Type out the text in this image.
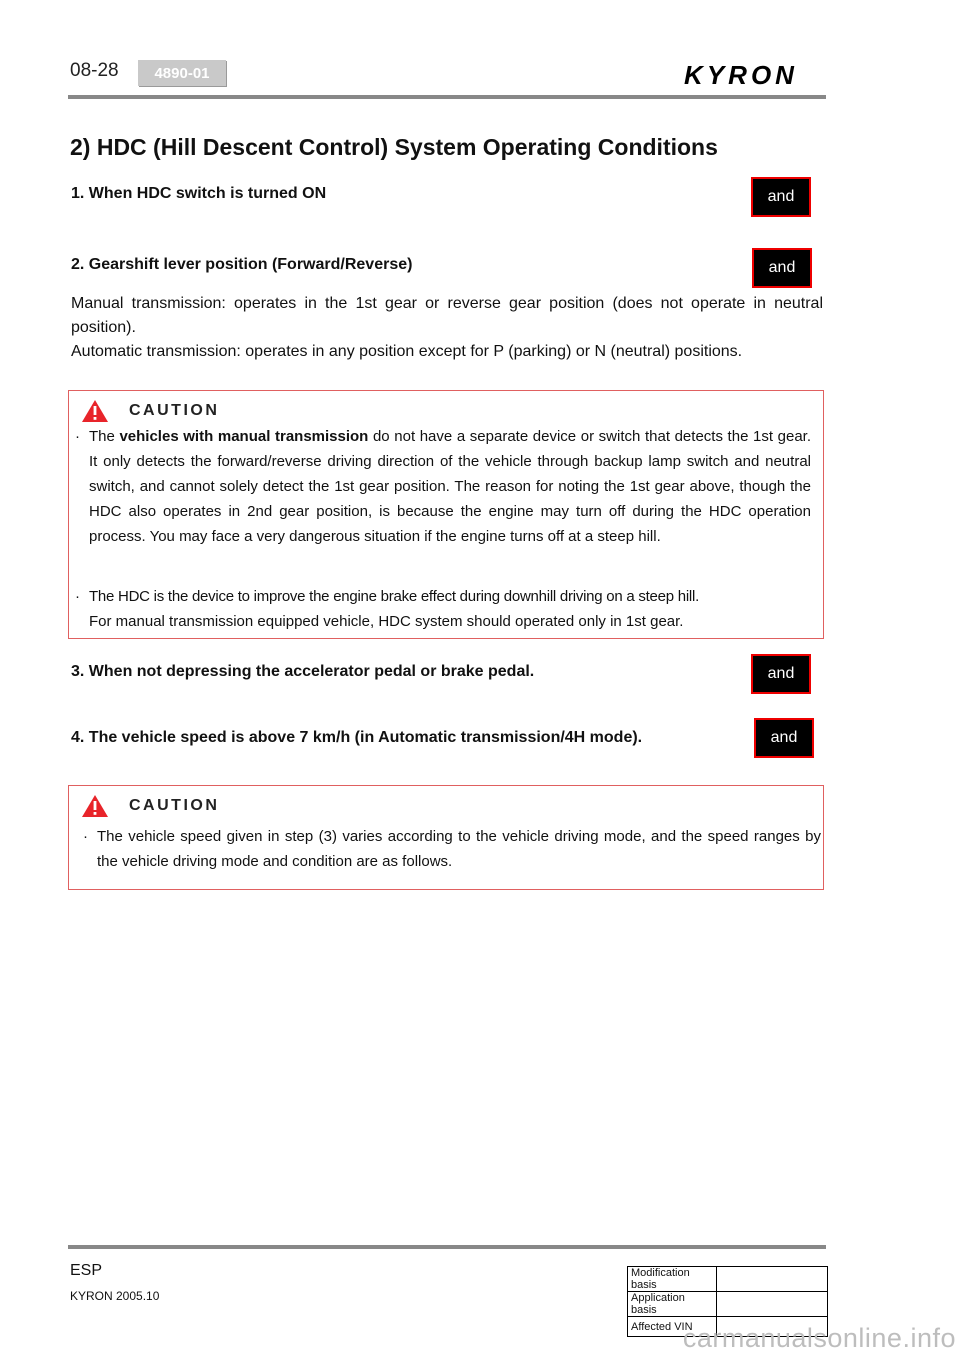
08-28	4890-01	KYRON
2) HDC (Hill Descent Control) System Operating Conditions
1. When HDC switch is turned ON	and
2. Gearshift lever position (Forward/Reverse)	and

Manual transmission: operates in the 1st gear or reverse gear position (does not operate in neutral position).

Automatic transmission: operates in any position except for P (parking) or N (neutral) positions.

CAUTION
· The vehicles with manual transmission do not have a separate device or switch that detects the 1st gear. It only detects the forward/reverse driving direction of the vehicle through backup lamp switch and neutral switch, and cannot solely detect the 1st gear position. The reason for noting the 1st gear above, though the HDC also operates in 2nd gear position, is because the engine may turn off during the HDC operation process. You may face a very dangerous situation if the engine turns off at a steep hill.
· The HDC is the device to improve the engine brake effect during downhill driving on a steep hill.
For manual transmission equipped vehicle, HDC system should operated only in 1st gear.
3. When not depressing the accelerator pedal or brake pedal.	and
4. The vehicle speed is above 7 km/h (in Automatic transmission/4H mode).	and
CAUTION
· The vehicle speed given in step (3) varies according to the vehicle driving mode, and the speed ranges by the vehicle driving mode and condition are as follows.
ESP
KYRON 2005.10
Modification basis	
Application basis	
Affected VIN	
carmanualsonline.info
